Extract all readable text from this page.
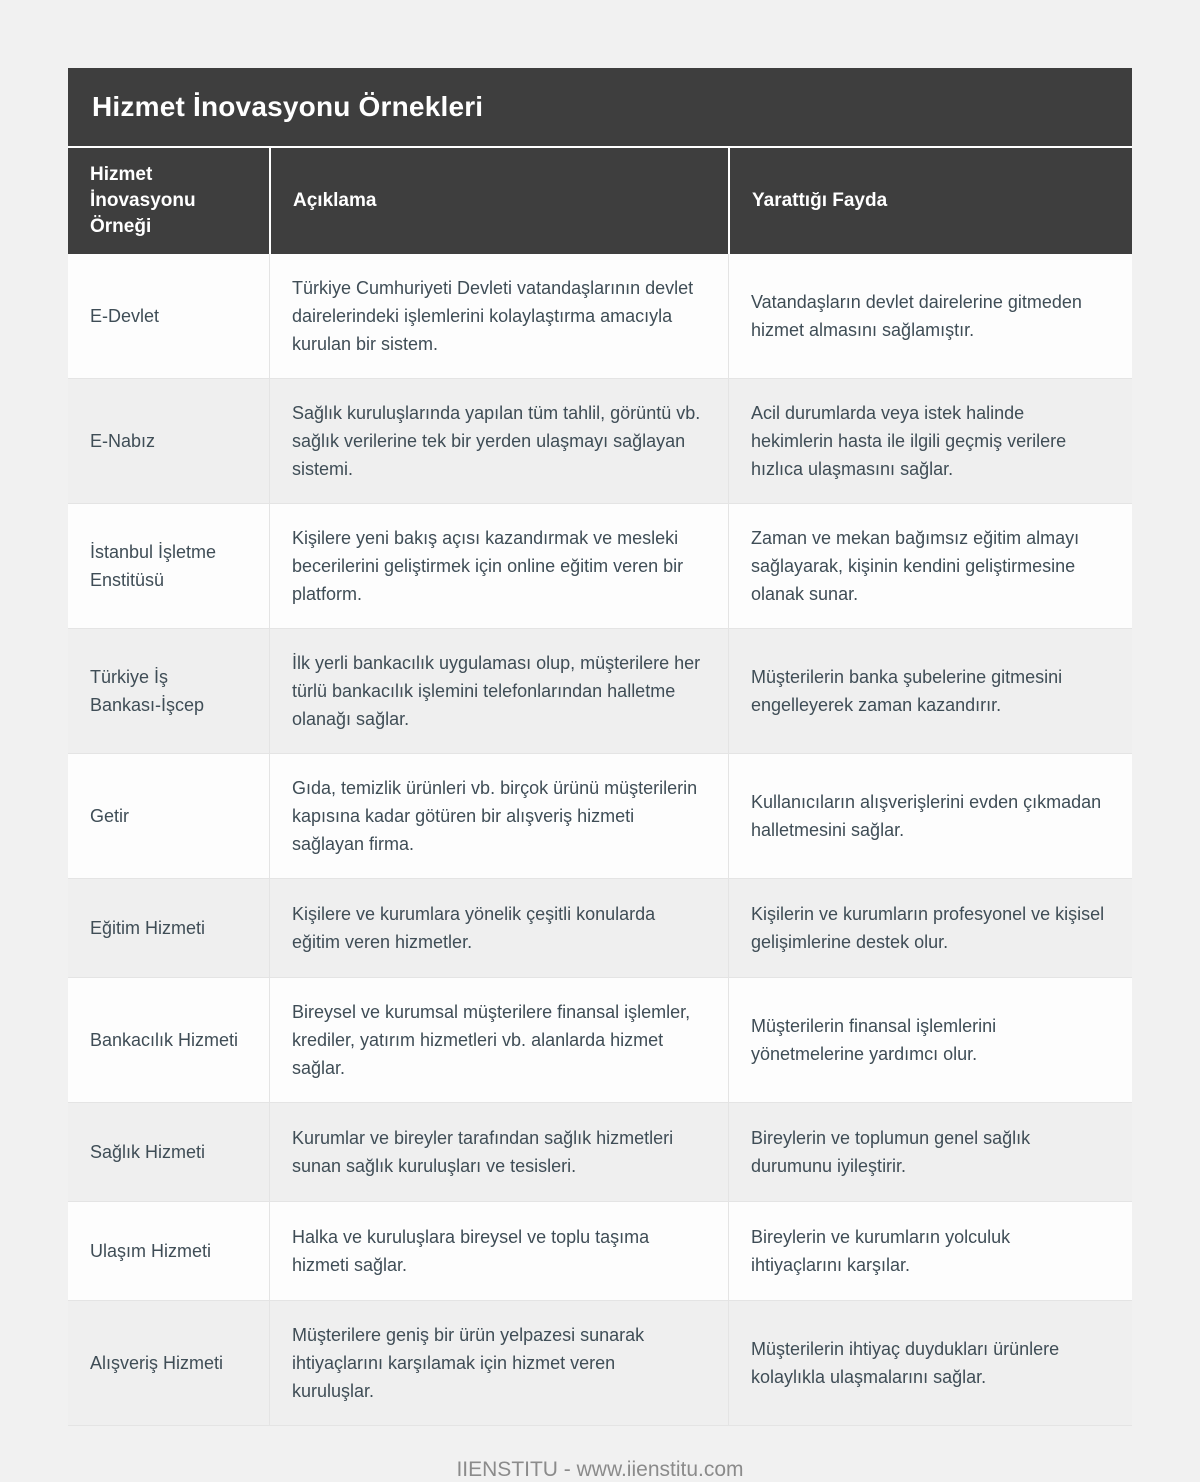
Hizmet İnovasyonu Örnekleri
Hizmet İnovasyonu Örneği
Açıklama	Yarattığı Fayda
E-Devlet
Türkiye Cumhuriyeti Devleti vatandaşlarının devlet dairelerindeki işlemlerini kolaylaştırma amacıyla kurulan bir sistem.
Vatandaşların devlet dairelerine gitmeden hizmet almasını sağlamıştır.
E-Nabız
Sağlık kuruluşlarında yapılan tüm tahlil, görüntü vb. sağlık verilerine tek bir yerden ulaşmayı sağlayan sistemi.
Acil durumlarda veya istek halinde hekimlerin hasta ile ilgili geçmiş verilere hızlıca ulaşmasını sağlar.
İstanbul İşletme Enstitüsü
Kişilere yeni bakış açısı kazandırmak ve mesleki becerilerini geliştirmek için online eğitim veren bir platform.
Zaman ve mekan bağımsız eğitim almayı sağlayarak, kişinin kendini geliştirmesine olanak sunar.
Türkiye İş Bankası-İşcep
İlk yerli bankacılık uygulaması olup, müşterilere her türlü bankacılık işlemini telefonlarından halletme olanağı sağlar.
Müşterilerin banka şubelerine gitmesini engelleyerek zaman kazandırır.
Getir
Gıda, temizlik ürünleri vb. birçok ürünü müşterilerin kapısına kadar götüren bir alışveriş hizmeti sağlayan firma.
Kullanıcıların alışverişlerini evden çıkmadan halletmesini sağlar.
Eğitim Hizmeti
Kişilere ve kurumlara yönelik çeşitli konularda eğitim veren hizmetler.
Kişilerin ve kurumların profesyonel ve kişisel gelişimlerine destek olur.
Bankacılık Hizmeti
Bireysel ve kurumsal müşterilere finansal işlemler, krediler, yatırım hizmetleri vb. alanlarda hizmet sağlar.
Müşterilerin finansal işlemlerini yönetmelerine yardımcı olur.
Sağlık Hizmeti
Kurumlar ve bireyler tarafından sağlık hizmetleri sunan sağlık kuruluşları ve tesisleri.
Bireylerin ve toplumun genel sağlık durumunu iyileştirir.
Ulaşım Hizmeti
Halka ve kuruluşlara bireysel ve toplu taşıma hizmeti sağlar.
Bireylerin ve kurumların yolculuk ihtiyaçlarını karşılar.
Alışveriş Hizmeti
Müşterilere geniş bir ürün yelpazesi sunarak ihtiyaçlarını karşılamak için hizmet veren kuruluşlar.
Müşterilerin ihtiyaç duydukları ürünlere kolaylıkla ulaşmalarını sağlar.
IIENSTITU - www.iienstitu.com
